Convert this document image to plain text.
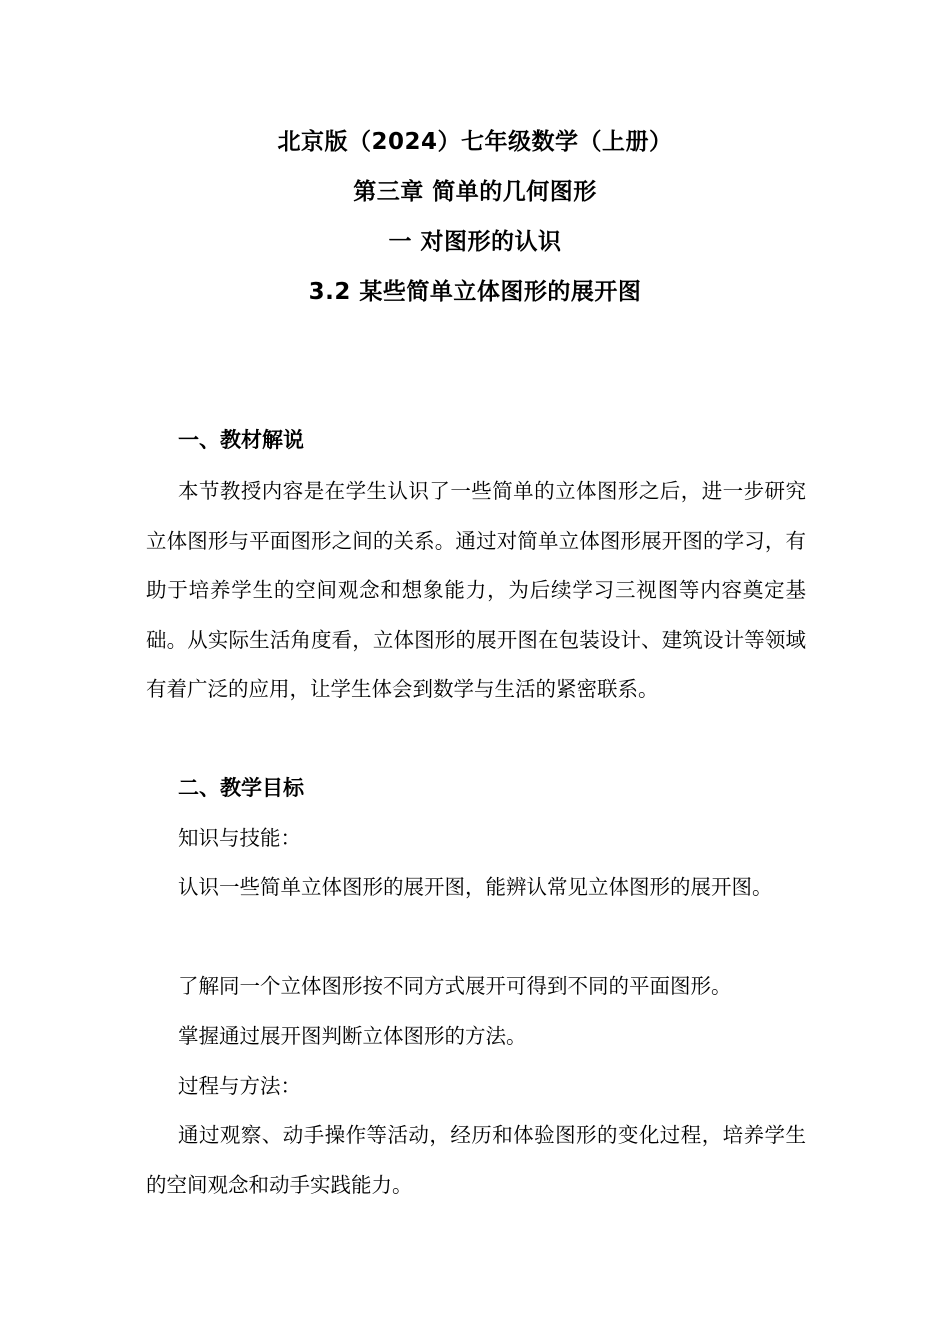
北京版（2024）七年级数学（上册）
第三章 简单的几何图形
一 对图形的认识
3.2 某些简单立体图形的展开图
一、教材解说

本节教授内容是在学生认识了一些简单的立体图形之后，进一步研究立体图形与平面图形之间的关系。通过对简单立体图形展开图的学习，有助于培养学生的空间观念和想象能力，为后续学习三视图等内容奠定基础。从实际生活角度看，立体图形的展开图在包装设计、建筑设计等领域有着广泛的应用，让学生体会到数学与生活的紧密联系。

二、教学目标

知识与技能：

认识一些简单立体图形的展开图，能辨认常见立体图形的展开图。

了解同一个立体图形按不同方式展开可得到不同的平面图形。

掌握通过展开图判断立体图形的方法。

过程与方法：

通过观察、动手操作等活动，经历和体验图形的变化过程，培养学生的空间观念和动手实践能力。
